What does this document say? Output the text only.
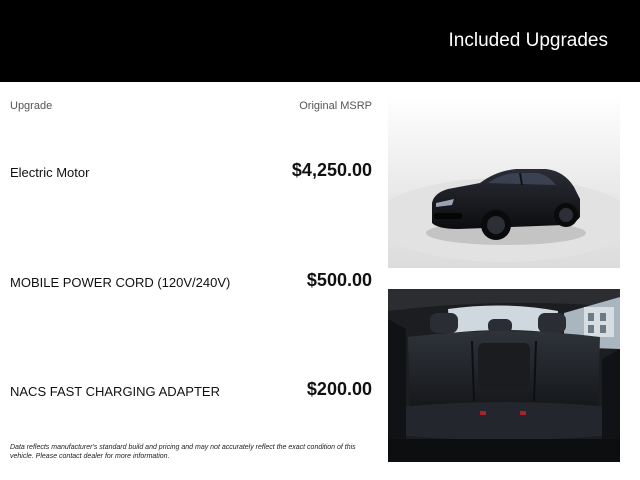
Included Upgrades
Upgrade	Original MSRP
Electric Motor	$4,250.00
MOBILE POWER CORD (120V/240V)	$500.00
NACS FAST CHARGING ADAPTER	$200.00
Data reflects manufacturer's standard build and pricing and may not accurately reflect the exact condition of this vehicle. Please contact dealer for more information.
